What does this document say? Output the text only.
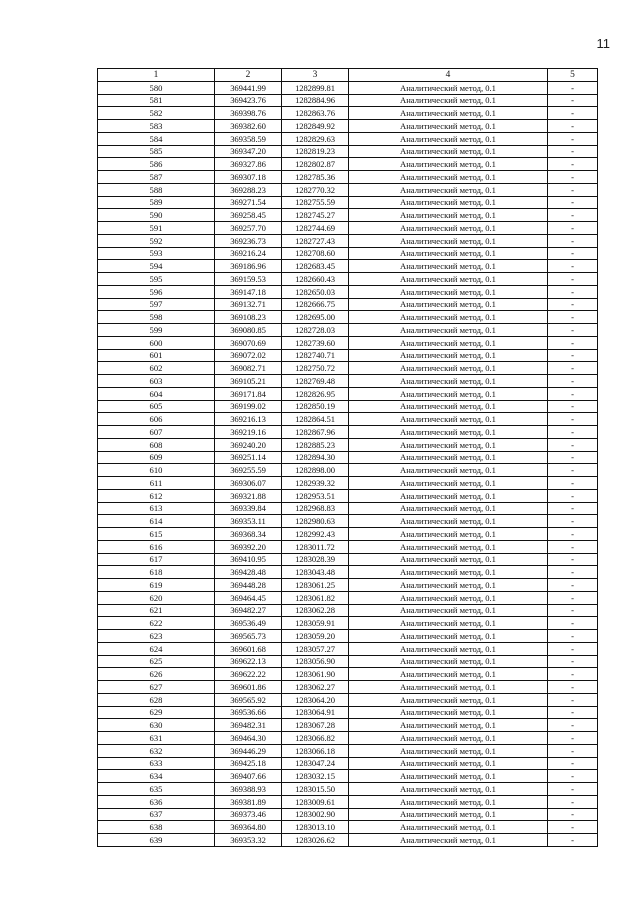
11
1	2	3	4	5
580	369441.99	1282899.81	Аналитический метод, 0.1	-
581	369423.76	1282884.96	Аналитический метод, 0.1	-
582	369398.76	1282863.76	Аналитический метод, 0.1	-
583	369382.60	1282849.92	Аналитический метод, 0.1	-
584	369358.59	1282829.63	Аналитический метод, 0.1	-
585	369347.20	1282819.23	Аналитический метод, 0.1	-
586	369327.86	1282802.87	Аналитический метод, 0.1	-
587	369307.18	1282785.36	Аналитический метод, 0.1	-
588	369288.23	1282770.32	Аналитический метод, 0.1	-
589	369271.54	1282755.59	Аналитический метод, 0.1	-
590	369258.45	1282745.27	Аналитический метод, 0.1	-
591	369257.70	1282744.69	Аналитический метод, 0.1	-
592	369236.73	1282727.43	Аналитический метод, 0.1	-
593	369216.24	1282708.60	Аналитический метод, 0.1	-
594	369186.96	1282683.45	Аналитический метод, 0.1	-
595	369159.53	1282660.43	Аналитический метод, 0.1	-
596	369147.18	1282650.03	Аналитический метод, 0.1	-
597	369132.71	1282666.75	Аналитический метод, 0.1	-
598	369108.23	1282695.00	Аналитический метод, 0.1	-
599	369080.85	1282728.03	Аналитический метод, 0.1	-
600	369070.69	1282739.60	Аналитический метод, 0.1	-
601	369072.02	1282740.71	Аналитический метод, 0.1	-
602	369082.71	1282750.72	Аналитический метод, 0.1	-
603	369105.21	1282769.48	Аналитический метод, 0.1	-
604	369171.84	1282826.95	Аналитический метод, 0.1	-
605	369199.02	1282850.19	Аналитический метод, 0.1	-
606	369216.13	1282864.51	Аналитический метод, 0.1	-
607	369219.16	1282867.96	Аналитический метод, 0.1	-
608	369240.20	1282885.23	Аналитический метод, 0.1	-
609	369251.14	1282894.30	Аналитический метод, 0.1	-
610	369255.59	1282898.00	Аналитический метод, 0.1	-
611	369306.07	1282939.32	Аналитический метод, 0.1	-
612	369321.88	1282953.51	Аналитический метод, 0.1	-
613	369339.84	1282968.83	Аналитический метод, 0.1	-
614	369353.11	1282980.63	Аналитический метод, 0.1	-
615	369368.34	1282992.43	Аналитический метод, 0.1	-
616	369392.20	1283011.72	Аналитический метод, 0.1	-
617	369410.95	1283028.39	Аналитический метод, 0.1	-
618	369428.48	1283043.48	Аналитический метод, 0.1	-
619	369448.28	1283061.25	Аналитический метод, 0.1	-
620	369464.45	1283061.82	Аналитический метод, 0.1	-
621	369482.27	1283062.28	Аналитический метод, 0.1	-
622	369536.49	1283059.91	Аналитический метод, 0.1	-
623	369565.73	1283059.20	Аналитический метод, 0.1	-
624	369601.68	1283057.27	Аналитический метод, 0.1	-
625	369622.13	1283056.90	Аналитический метод, 0.1	-
626	369622.22	1283061.90	Аналитический метод, 0.1	-
627	369601.86	1283062.27	Аналитический метод, 0.1	-
628	369565.92	1283064.20	Аналитический метод, 0.1	-
629	369536.66	1283064.91	Аналитический метод, 0.1	-
630	369482.31	1283067.28	Аналитический метод, 0.1	-
631	369464.30	1283066.82	Аналитический метод, 0.1	-
632	369446.29	1283066.18	Аналитический метод, 0.1	-
633	369425.18	1283047.24	Аналитический метод, 0.1	-
634	369407.66	1283032.15	Аналитический метод, 0.1	-
635	369388.93	1283015.50	Аналитический метод, 0.1	-
636	369381.89	1283009.61	Аналитический метод, 0.1	-
637	369373.46	1283002.90	Аналитический метод, 0.1	-
638	369364.80	1283013.10	Аналитический метод, 0.1	-
639	369353.32	1283026.62	Аналитический метод, 0.1	-
